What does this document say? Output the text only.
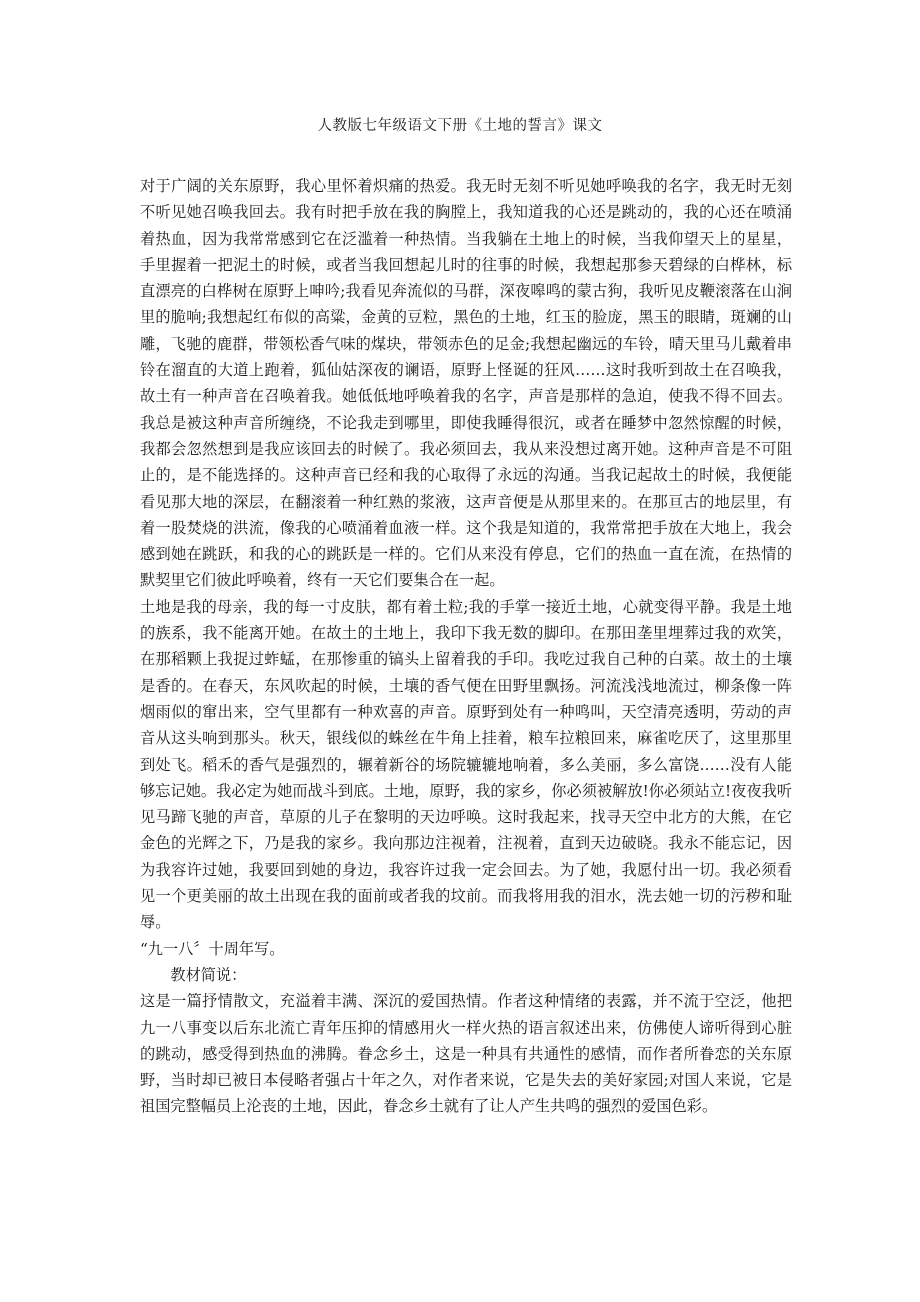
人教版七年级语文下册《土地的誓言》课文

对于广阔的关东原野，我心里怀着炽痛的热爱。我无时无刻不听见她呼唤我的名字，我无时无刻不听见她召唤我回去。我有时把手放在我的胸膛上，我知道我的心还是跳动的，我的心还在喷涌着热血，因为我常常感到它在泛滥着一种热情。当我躺在土地上的时候，当我仰望天上的星星，手里握着一把泥土的时候，或者当我回想起儿时的往事的时候，我想起那参天碧绿的白桦林，标直漂亮的白桦树在原野上呻吟;我看见奔流似的马群，深夜嗥鸣的蒙古狗，我听见皮鞭滚落在山涧里的脆响;我想起红布似的高粱，金黄的豆粒，黑色的土地，红玉的脸庞，黑玉的眼睛，斑斓的山雕，飞驰的鹿群，带领松香气味的煤块，带领赤色的足金;我想起幽远的车铃，晴天里马儿戴着串铃在溜直的大道上跑着，狐仙姑深夜的谰语，原野上怪诞的狂风……这时我听到故土在召唤我，故土有一种声音在召唤着我。她低低地呼唤着我的名字，声音是那样的急迫，使我不得不回去。我总是被这种声音所缠绕，不论我走到哪里，即使我睡得很沉，或者在睡梦中忽然惊醒的时候，我都会忽然想到是我应该回去的时候了。我必须回去，我从来没想过离开她。这种声音是不可阻止的，是不能选择的。这种声音已经和我的心取得了永远的沟通。当我记起故土的时候，我便能看见那大地的深层，在翻滚着一种红熟的浆液，这声音便是从那里来的。在那亘古的地层里，有着一股焚烧的洪流，像我的心喷涌着血液一样。这个我是知道的，我常常把手放在大地上，我会感到她在跳跃，和我的心的跳跃是一样的。它们从来没有停息，它们的热血一直在流，在热情的默契里它们彼此呼唤着，终有一天它们要集合在一起。

土地是我的母亲，我的每一寸皮肤，都有着土粒;我的手掌一接近土地，心就变得平静。我是土地的族系，我不能离开她。在故土的土地上，我印下我无数的脚印。在那田垄里埋葬过我的欢笑，在那稻颗上我捉过蚱蜢，在那惨重的镐头上留着我的手印。我吃过我自己种的白菜。故土的土壤是香的。在春天，东风吹起的时候，土壤的香气便在田野里飘扬。河流浅浅地流过，柳条像一阵烟雨似的窜出来，空气里都有一种欢喜的声音。原野到处有一种鸣叫，天空清亮透明，劳动的声音从这头响到那头。秋天，银线似的蛛丝在牛角上挂着，粮车拉粮回来，麻雀吃厌了，这里那里到处飞。稻禾的香气是强烈的，辗着新谷的场院辘辘地响着，多么美丽，多么富饶……没有人能够忘记她。我必定为她而战斗到底。土地，原野，我的家乡，你必须被解放!你必须站立!夜夜我听见马蹄飞驰的声音，草原的儿子在黎明的天边呼唤。这时我起来，找寻天空中北方的大熊，在它金色的光辉之下，乃是我的家乡。我向那边注视着，注视着，直到天边破晓。我永不能忘记，因为我容许过她，我要回到她的身边，我容许过我一定会回去。为了她，我愿付出一切。我必须看见一个更美丽的故土出现在我的面前或者我的坟前。而我将用我的泪水，洗去她一切的污秽和耻辱。

“九一八〞十周年写。

教材简说：

这是一篇抒情散文，充溢着丰满、深沉的爱国热情。作者这种情绪的表露，并不流于空泛，他把九一八事变以后东北流亡青年压抑的情感用火一样火热的语言叙述出来，仿佛使人谛听得到心脏的跳动，感受得到热血的沸腾。眷念乡土，这是一种具有共通性的感情，而作者所眷恋的关东原野，当时却已被日本侵略者强占十年之久，对作者来说，它是失去的美好家园;对国人来说，它是祖国完整幅员上沦丧的土地，因此，眷念乡土就有了让人产生共鸣的强烈的爱国色彩。
